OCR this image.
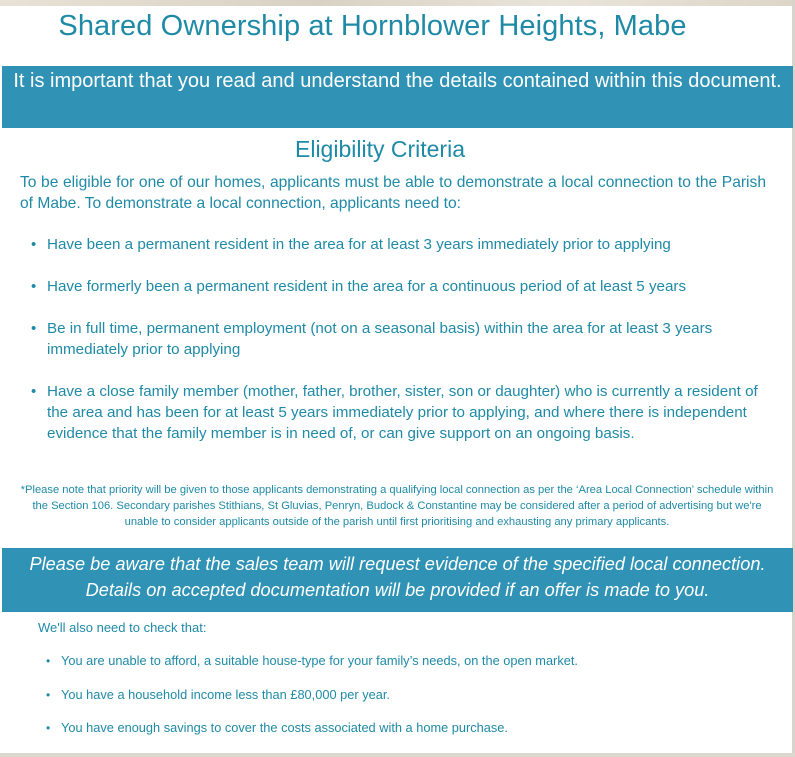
Shared Ownership at Hornblower Heights, Mabe
It is important that you read and understand the details contained within this document.
Eligibility Criteria
To be eligible for one of our homes, applicants must be able to demonstrate a local connection to the Parish of Mabe. To demonstrate a local connection, applicants need to:
• Have been a permanent resident in the area for at least 3 years immediately prior to applying
• Have formerly been a permanent resident in the area for a continuous period of at least 5 years
• Be in full time, permanent employment (not on a seasonal basis) within the area for at least 3 years immediately prior to applying
• Have a close family member (mother, father, brother, sister, son or daughter) who is currently a resident of the area and has been for at least 5 years immediately prior to applying, and where there is independent evidence that the family member is in need of, or can give support on an ongoing basis.
*Please note that priority will be given to those applicants demonstrating a qualifying local connection as per the ‘Area Local Connection’ schedule within the Section 106. Secondary parishes Stithians, St Gluvias, Penryn, Budock & Constantine may be considered after a period of advertising but we're unable to consider applicants outside of the parish until first prioritising and exhausting any primary applicants.
Please be aware that the sales team will request evidence of the specified local connection. Details on accepted documentation will be provided if an offer is made to you.
We'll also need to check that:
• You are unable to afford, a suitable house-type for your family’s needs, on the open market.
• You have a household income less than £80,000 per year.
• You have enough savings to cover the costs associated with a home purchase.
